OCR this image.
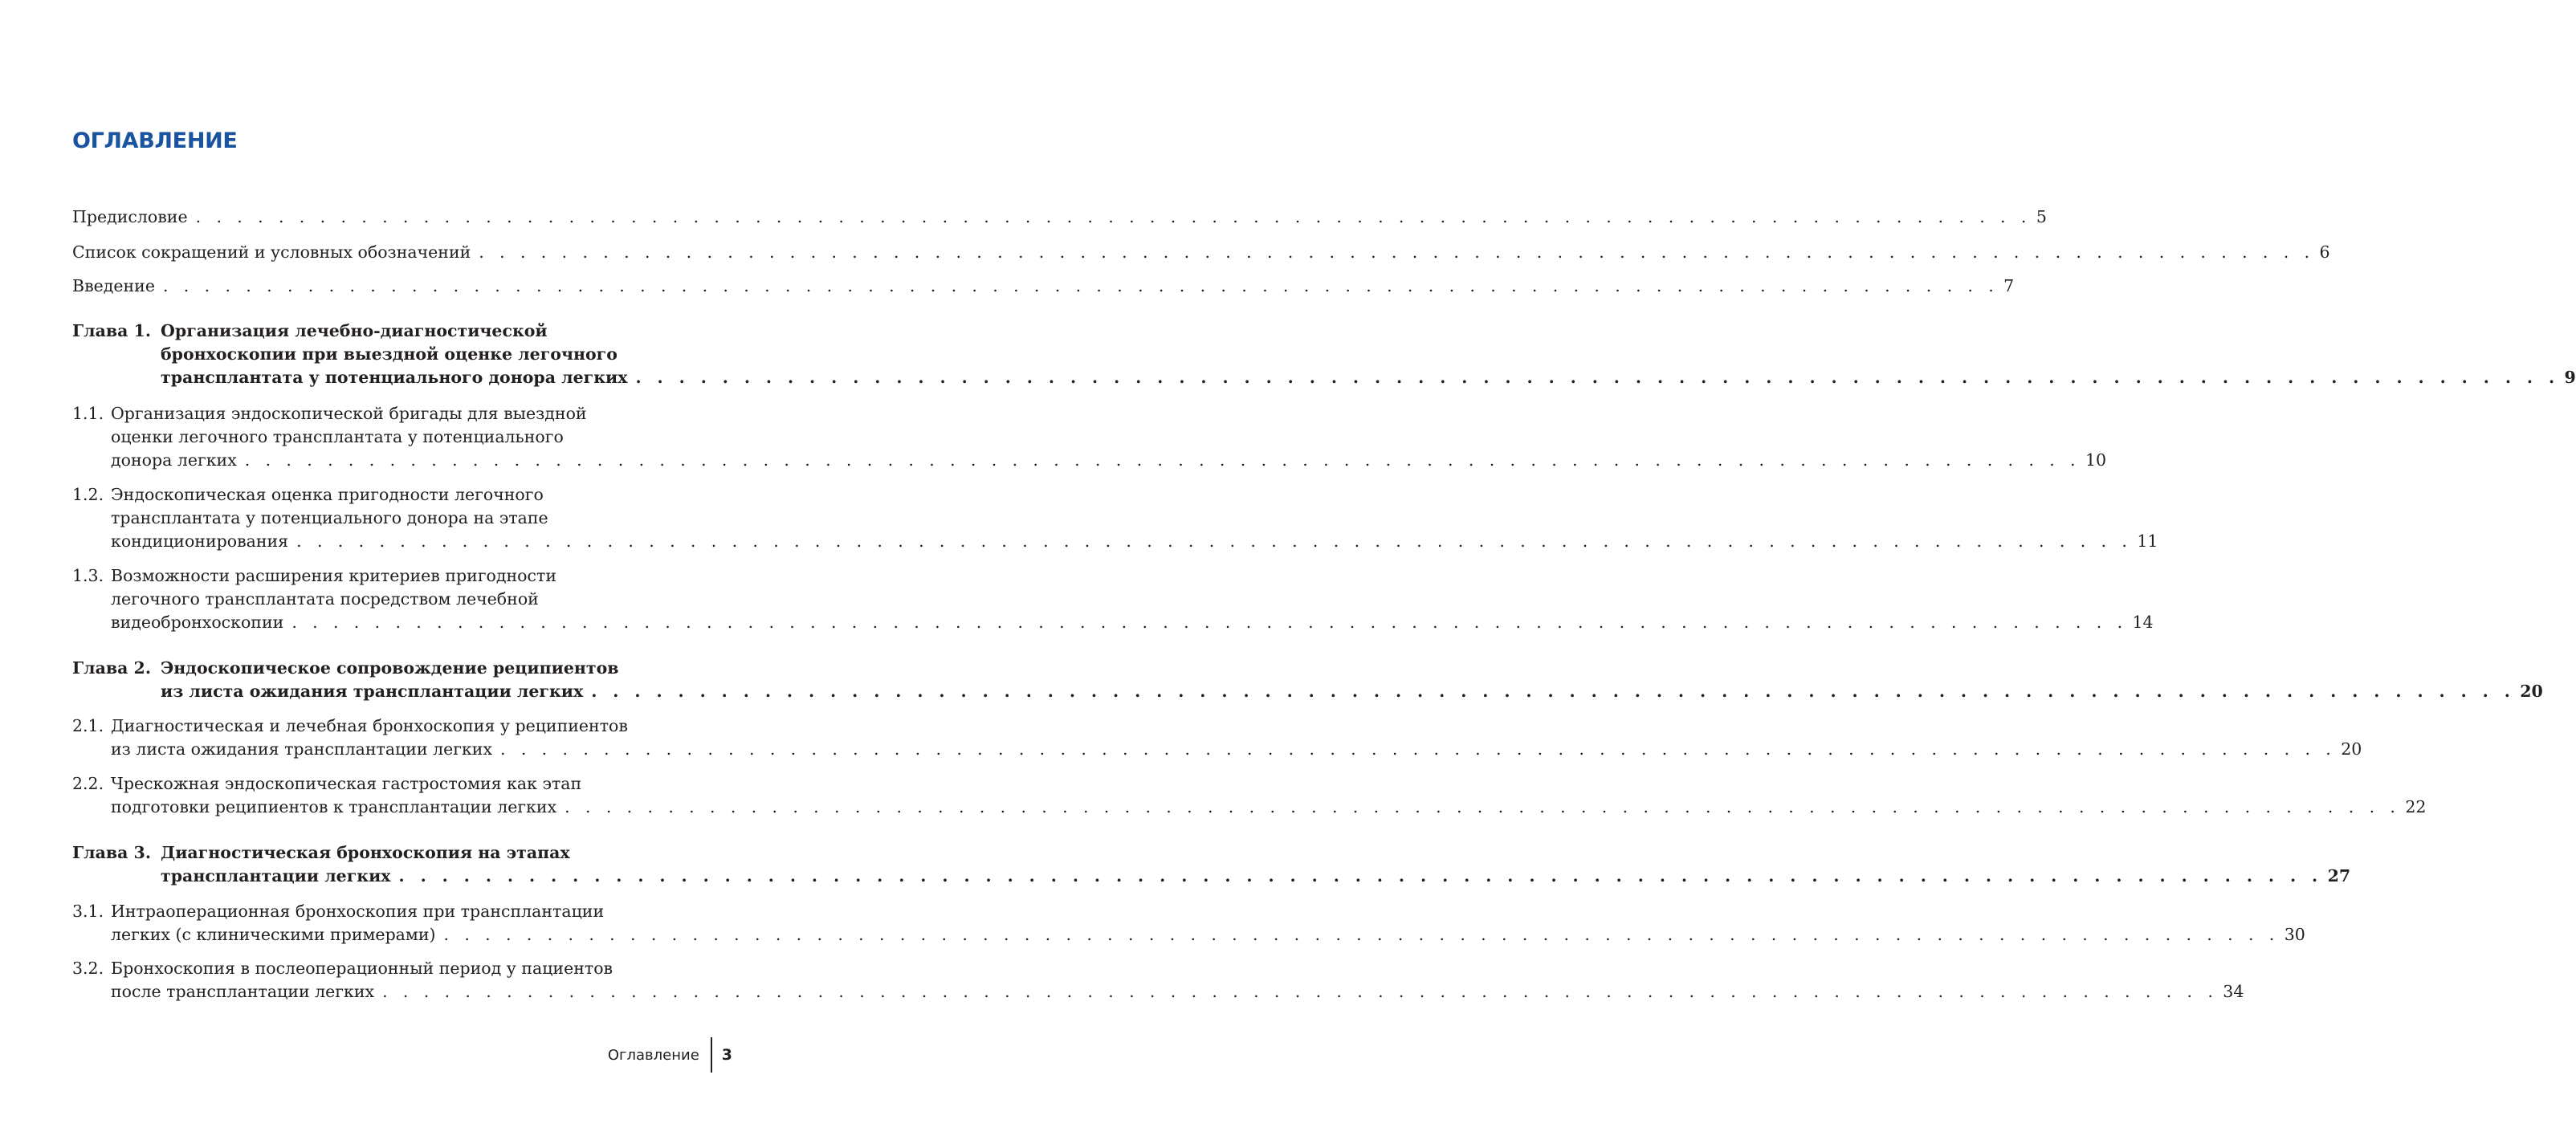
ОГЛАВЛЕНИЕ
Предисловие . . . . . . . . . . . . . . . . . . . . . . . . . . . . . . . . . . . . . . . . . . . . . . . . . . . . . . . . . . . . . . . . . . . . . . . . . . . . . . . . . . . . . . . . . 5
Список сокращений и условных обозначений . . . . . . . . . . . . . . . . . . . . . . . . . . . . . . . . . . . . . . . . . . . . . . . . . . . . . . . . . . . . . . . . . . . . . . . . . . . . . . . . . . . . . . . . . 6
Введение . . . . . . . . . . . . . . . . . . . . . . . . . . . . . . . . . . . . . . . . . . . . . . . . . . . . . . . . . . . . . . . . . . . . . . . . . . . . . . . . . . . . . . . . . 7
Глава 1. Организация лечебно-диагностической
бронхоскопии при выездной оценке легочного
трансплантата у потенциального донора легких . . . . . . . . . . . . . . . . . . . . . . . . . . . . . . . . . . . . . . . . . . . . . . . . . . . . . . . . . . . . . . . . . . . . . . . . . . . . . . . . . . . . . . . . . 9
1.1. Организация эндоскопической бригады для выездной
оценки легочного трансплантата у потенциального
донора легких . . . . . . . . . . . . . . . . . . . . . . . . . . . . . . . . . . . . . . . . . . . . . . . . . . . . . . . . . . . . . . . . . . . . . . . . . . . . . . . . . . . . . . . . . 10
1.2. Эндоскопическая оценка пригодности легочного
трансплантата у потенциального донора на этапе
кондиционирования . . . . . . . . . . . . . . . . . . . . . . . . . . . . . . . . . . . . . . . . . . . . . . . . . . . . . . . . . . . . . . . . . . . . . . . . . . . . . . . . . . . . . . . . . 11
1.3. Возможности расширения критериев пригодности
легочного трансплантата посредством лечебной
видеобронхоскопии . . . . . . . . . . . . . . . . . . . . . . . . . . . . . . . . . . . . . . . . . . . . . . . . . . . . . . . . . . . . . . . . . . . . . . . . . . . . . . . . . . . . . . . . . 14
Глава 2. Эндоскопическое сопровождение реципиентов
из листа ожидания трансплантации легких . . . . . . . . . . . . . . . . . . . . . . . . . . . . . . . . . . . . . . . . . . . . . . . . . . . . . . . . . . . . . . . . . . . . . . . . . . . . . . . . . . . . . . . . . 20
2.1. Диагностическая и лечебная бронхоскопия у реципиентов
из листа ожидания трансплантации легких . . . . . . . . . . . . . . . . . . . . . . . . . . . . . . . . . . . . . . . . . . . . . . . . . . . . . . . . . . . . . . . . . . . . . . . . . . . . . . . . . . . . . . . . . 20
2.2. Чрескожная эндоскопическая гастростомия как этап
подготовки реципиентов к трансплантации легких . . . . . . . . . . . . . . . . . . . . . . . . . . . . . . . . . . . . . . . . . . . . . . . . . . . . . . . . . . . . . . . . . . . . . . . . . . . . . . . . . . . . . . . . . 22
Глава 3. Диагностическая бронхоскопия на этапах
трансплантации легких . . . . . . . . . . . . . . . . . . . . . . . . . . . . . . . . . . . . . . . . . . . . . . . . . . . . . . . . . . . . . . . . . . . . . . . . . . . . . . . . . . . . . . . . . 27
3.1. Интраоперационная бронхоскопия при трансплантации
легких (с клиническими примерами) . . . . . . . . . . . . . . . . . . . . . . . . . . . . . . . . . . . . . . . . . . . . . . . . . . . . . . . . . . . . . . . . . . . . . . . . . . . . . . . . . . . . . . . . . 30
3.2. Бронхоскопия в послеоперационный период у пациентов
после трансплантации легких . . . . . . . . . . . . . . . . . . . . . . . . . . . . . . . . . . . . . . . . . . . . . . . . . . . . . . . . . . . . . . . . . . . . . . . . . . . . . . . . . . . . . . . . . 34
Оглавление 3
